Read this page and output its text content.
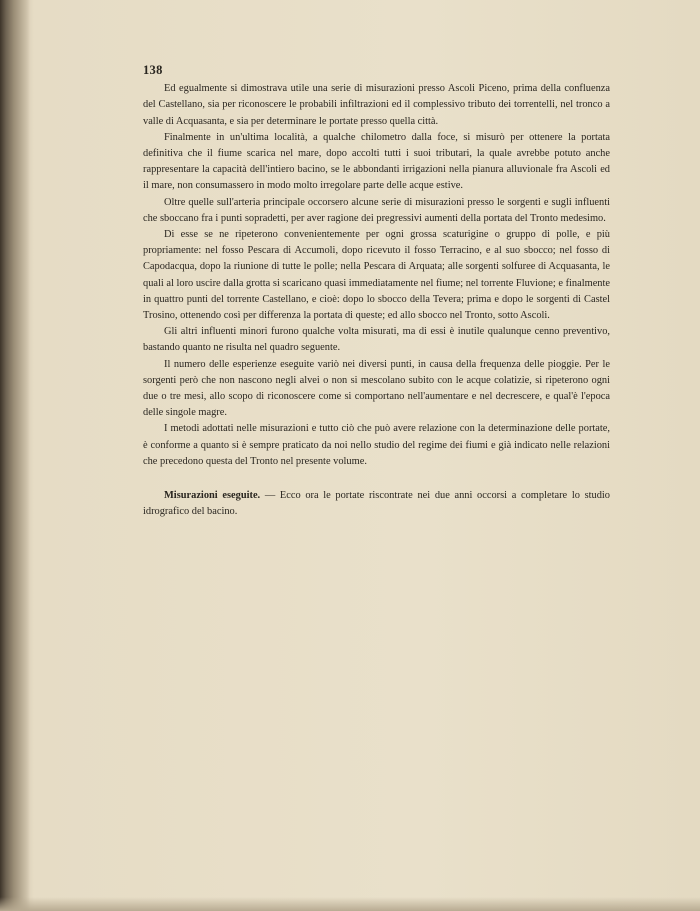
138

Ed egualmente si dimostrava utile una serie di misurazioni presso Ascoli Piceno, prima della confluenza del Castellano, sia per riconoscere le probabili infiltrazioni ed il complessivo tributo dei torrentelli, nel tronco a valle di Acquasanta, e sia per determinare le portate presso quella città.

Finalmente in un'ultima località, a qualche chilometro dalla foce, si misurò per ottenere la portata definitiva che il fiume scarica nel mare, dopo accolti tutti i suoi tributari, la quale avrebbe potuto anche rappresentare la capacità dell'intiero bacino, se le abbondanti irrigazioni nella pianura alluvionale fra Ascoli ed il mare, non consumassero in modo molto irregolare parte delle acque estive.

Oltre quelle sull'arteria principale occorsero alcune serie di misurazioni presso le sorgenti e sugli influenti che sboccano fra i punti sopradetti, per aver ragione dei pregressivi aumenti della portata del Tronto medesimo.

Di esse se ne ripeterono convenientemente per ogni grossa scaturigine o gruppo di polle, e più propriamente: nel fosso Pescara di Accumoli, dopo ricevuto il fosso Terracino, e al suo sbocco; nel fosso di Capodacqua, dopo la riunione di tutte le polle; nella Pescara di Arquata; alle sorgenti solfuree di Acquasanta, le quali al loro uscire dalla grotta si scaricano quasi immediatamente nel fiume; nel torrente Fluvione; e finalmente in quattro punti del torrente Castellano, e cioè: dopo lo sbocco della Tevera; prima e dopo le sorgenti di Castel Trosino, ottenendo così per differenza la portata di queste; ed allo sbocco nel Tronto, sotto Ascoli.

Gli altri influenti minori furono qualche volta misurati, ma di essi è inutile qualunque cenno preventivo, bastando quanto ne risulta nel quadro seguente.

Il numero delle esperienze eseguite variò nei diversi punti, in causa della frequenza delle pioggie. Per le sorgenti però che non nascono negli alvei o non si mescolano subito con le acque colatizie, si ripeterono ogni due o tre mesi, allo scopo di riconoscere come si comportano nell'aumentare e nel decrescere, e qual'è l'epoca delle singole magre.

I metodi adottati nelle misurazioni e tutto ciò che può avere relazione con la determinazione delle portate, è conforme a quanto si è sempre praticato da noi nello studio del regime dei fiumi e già indicato nelle relazioni che precedono questa del Tronto nel presente volume.

Misurazioni eseguite. — Ecco ora le portate riscontrate nei due anni occorsi a completare lo studio idrografico del bacino.
